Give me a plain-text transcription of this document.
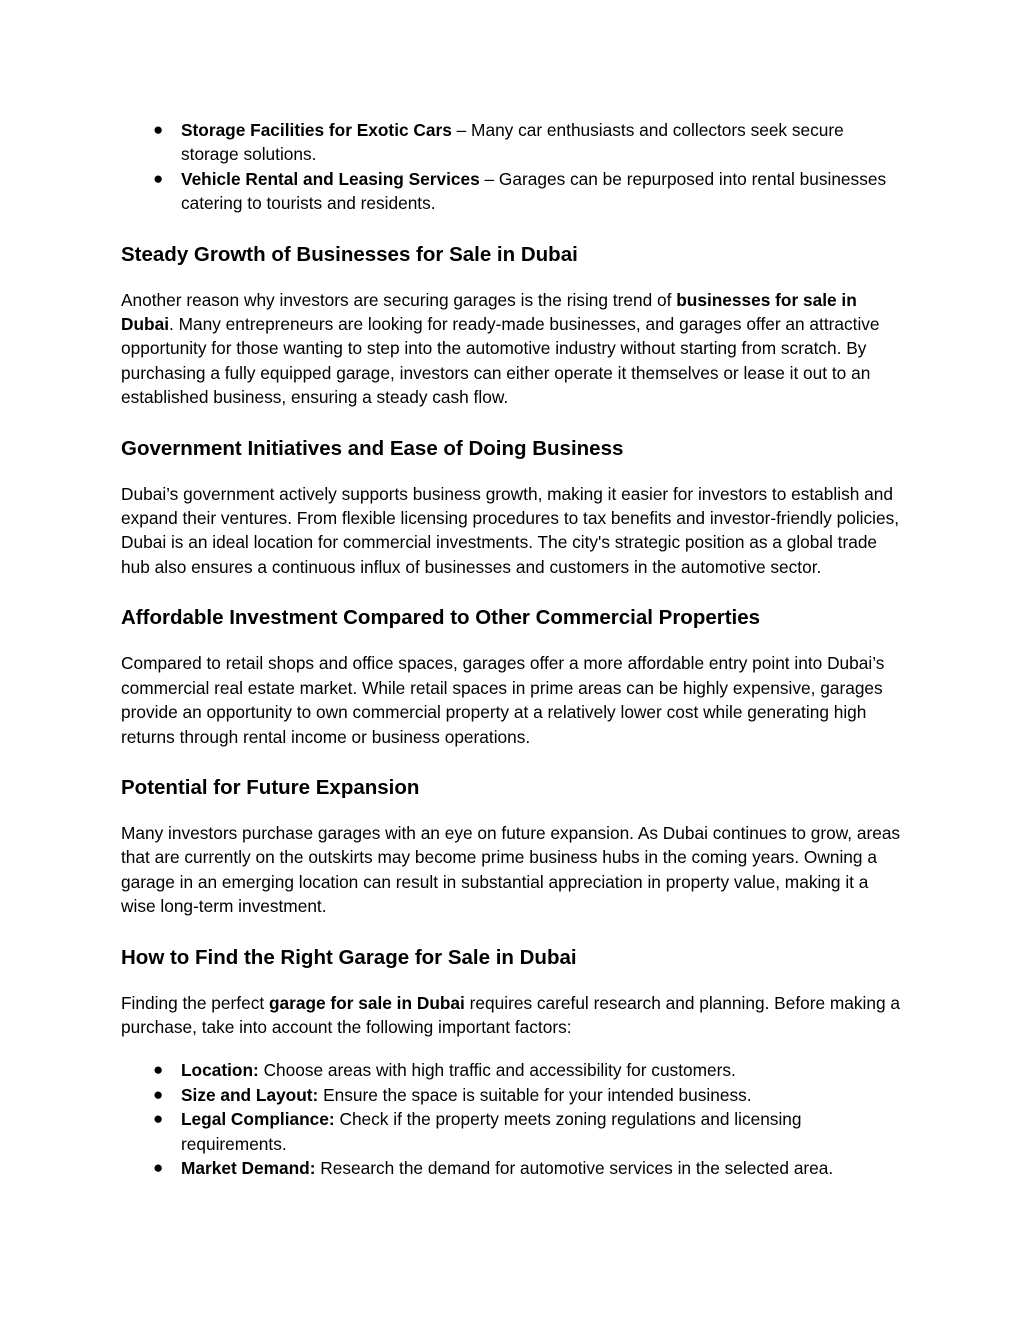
● Storage Facilities for Exotic Cars – Many car enthusiasts and collectors seek secure storage solutions.
● Vehicle Rental and Leasing Services – Garages can be repurposed into rental businesses catering to tourists and residents.
Steady Growth of Businesses for Sale in Dubai

Another reason why investors are securing garages is the rising trend of businesses for sale in Dubai. Many entrepreneurs are looking for ready-made businesses, and garages offer an attractive opportunity for those wanting to step into the automotive industry without starting from scratch. By purchasing a fully equipped garage, investors can either operate it themselves or lease it out to an established business, ensuring a steady cash flow.

Government Initiatives and Ease of Doing Business

Dubai’s government actively supports business growth, making it easier for investors to establish and expand their ventures. From flexible licensing procedures to tax benefits and investor-friendly policies, Dubai is an ideal location for commercial investments. The city's strategic position as a global trade hub also ensures a continuous influx of businesses and customers in the automotive sector.

Affordable Investment Compared to Other Commercial Properties

Compared to retail shops and office spaces, garages offer a more affordable entry point into Dubai’s commercial real estate market. While retail spaces in prime areas can be highly expensive, garages provide an opportunity to own commercial property at a relatively lower cost while generating high returns through rental income or business operations.

Potential for Future Expansion

Many investors purchase garages with an eye on future expansion. As Dubai continues to grow, areas that are currently on the outskirts may become prime business hubs in the coming years. Owning a garage in an emerging location can result in substantial appreciation in property value, making it a wise long-term investment.

How to Find the Right Garage for Sale in Dubai

Finding the perfect garage for sale in Dubai requires careful research and planning. Before making a purchase, take into account the following important factors:

● Location: Choose areas with high traffic and accessibility for customers.
● Size and Layout: Ensure the space is suitable for your intended business.
● Legal Compliance: Check if the property meets zoning regulations and licensing requirements.
● Market Demand: Research the demand for automotive services in the selected area.
